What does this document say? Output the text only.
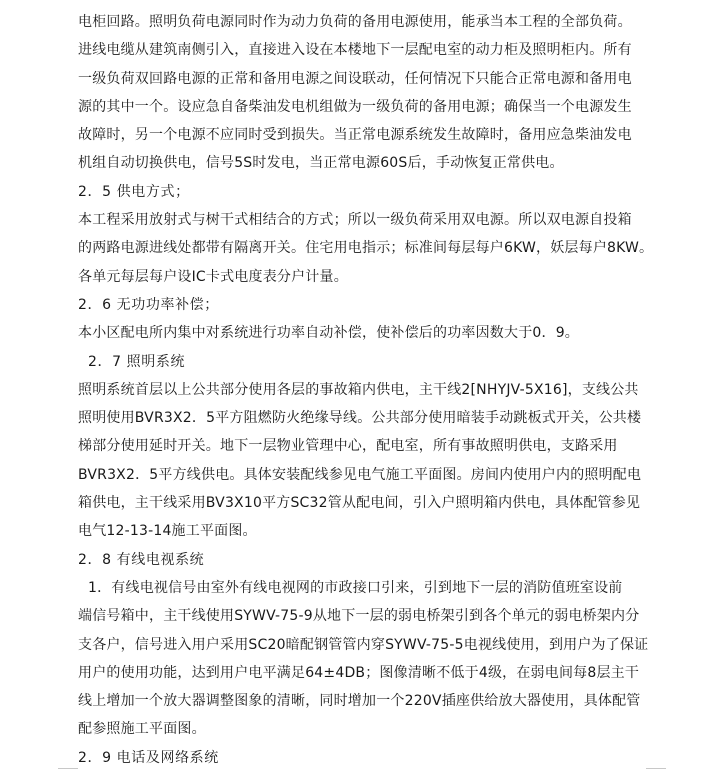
电柜回路。照明负荷电源同时作为动力负荷的备用电源使用，能承当本工程的全部负荷。
进线电缆从建筑南侧引入，直接进入设在本楼地下一层配电室的动力柜及照明柜内。所有
一级负荷双回路电源的正常和备用电源之间设联动，任何情况下只能合正常电源和备用电
源的其中一个。设应急自备柴油发电机组做为一级负荷的备用电源；确保当一个电源发生
故障时，另一个电源不应同时受到损失。当正常电源系统发生故障时，备用应急柴油发电
机组自动切换供电，信号5S时发电，当正常电源60S后，手动恢复正常供电。
2．5 供电方式；
本工程采用放射式与树干式相结合的方式；所以一级负荷采用双电源。所以双电源自投箱
的两路电源进线处都带有隔离开关。住宅用电指示；标准间每层每户6KW，妖层每户8KW。
各单元每层每户设IC卡式电度表分户计量。
2．6 无功功率补偿；
本小区配电所内集中对系统进行功率自动补偿，使补偿后的功率因数大于0．9。
2．7 照明系统
照明系统首层以上公共部分使用各层的事故箱内供电，主干线2[NHYJV-5X16]，支线公共
照明使用BVR3X2．5平方阻燃防火绝缘导线。公共部分使用暗装手动跳板式开关，公共楼
梯部分使用延时开关。地下一层物业管理中心，配电室，所有事故照明供电，支路采用
BVR3X2．5平方线供电。具体安装配线参见电气施工平面图。房间内使用户内的照明配电
箱供电，主干线采用BV3X10平方SC32管从配电间，引入户照明箱内供电，具体配管参见
电气12-13-14施工平面图。
2．8 有线电视系统
1．有线电视信号由室外有线电视网的市政接口引来，引到地下一层的消防值班室设前
端信号箱中，主干线使用SYWV-75-9从地下一层的弱电桥架引到各个单元的弱电桥架内分
支各户，信号进入用户采用SC20暗配钢管管内穿SYWV-75-5电视线使用，到用户为了保证
用户的使用功能，达到用户电平满足64±4DB；图像清晰不低于4级，在弱电间每8层主干
线上增加一个放大器调整图象的清晰，同时增加一个220V插座供给放大器使用，具体配管
配参照施工平面图。
2．9 电话及网络系统
